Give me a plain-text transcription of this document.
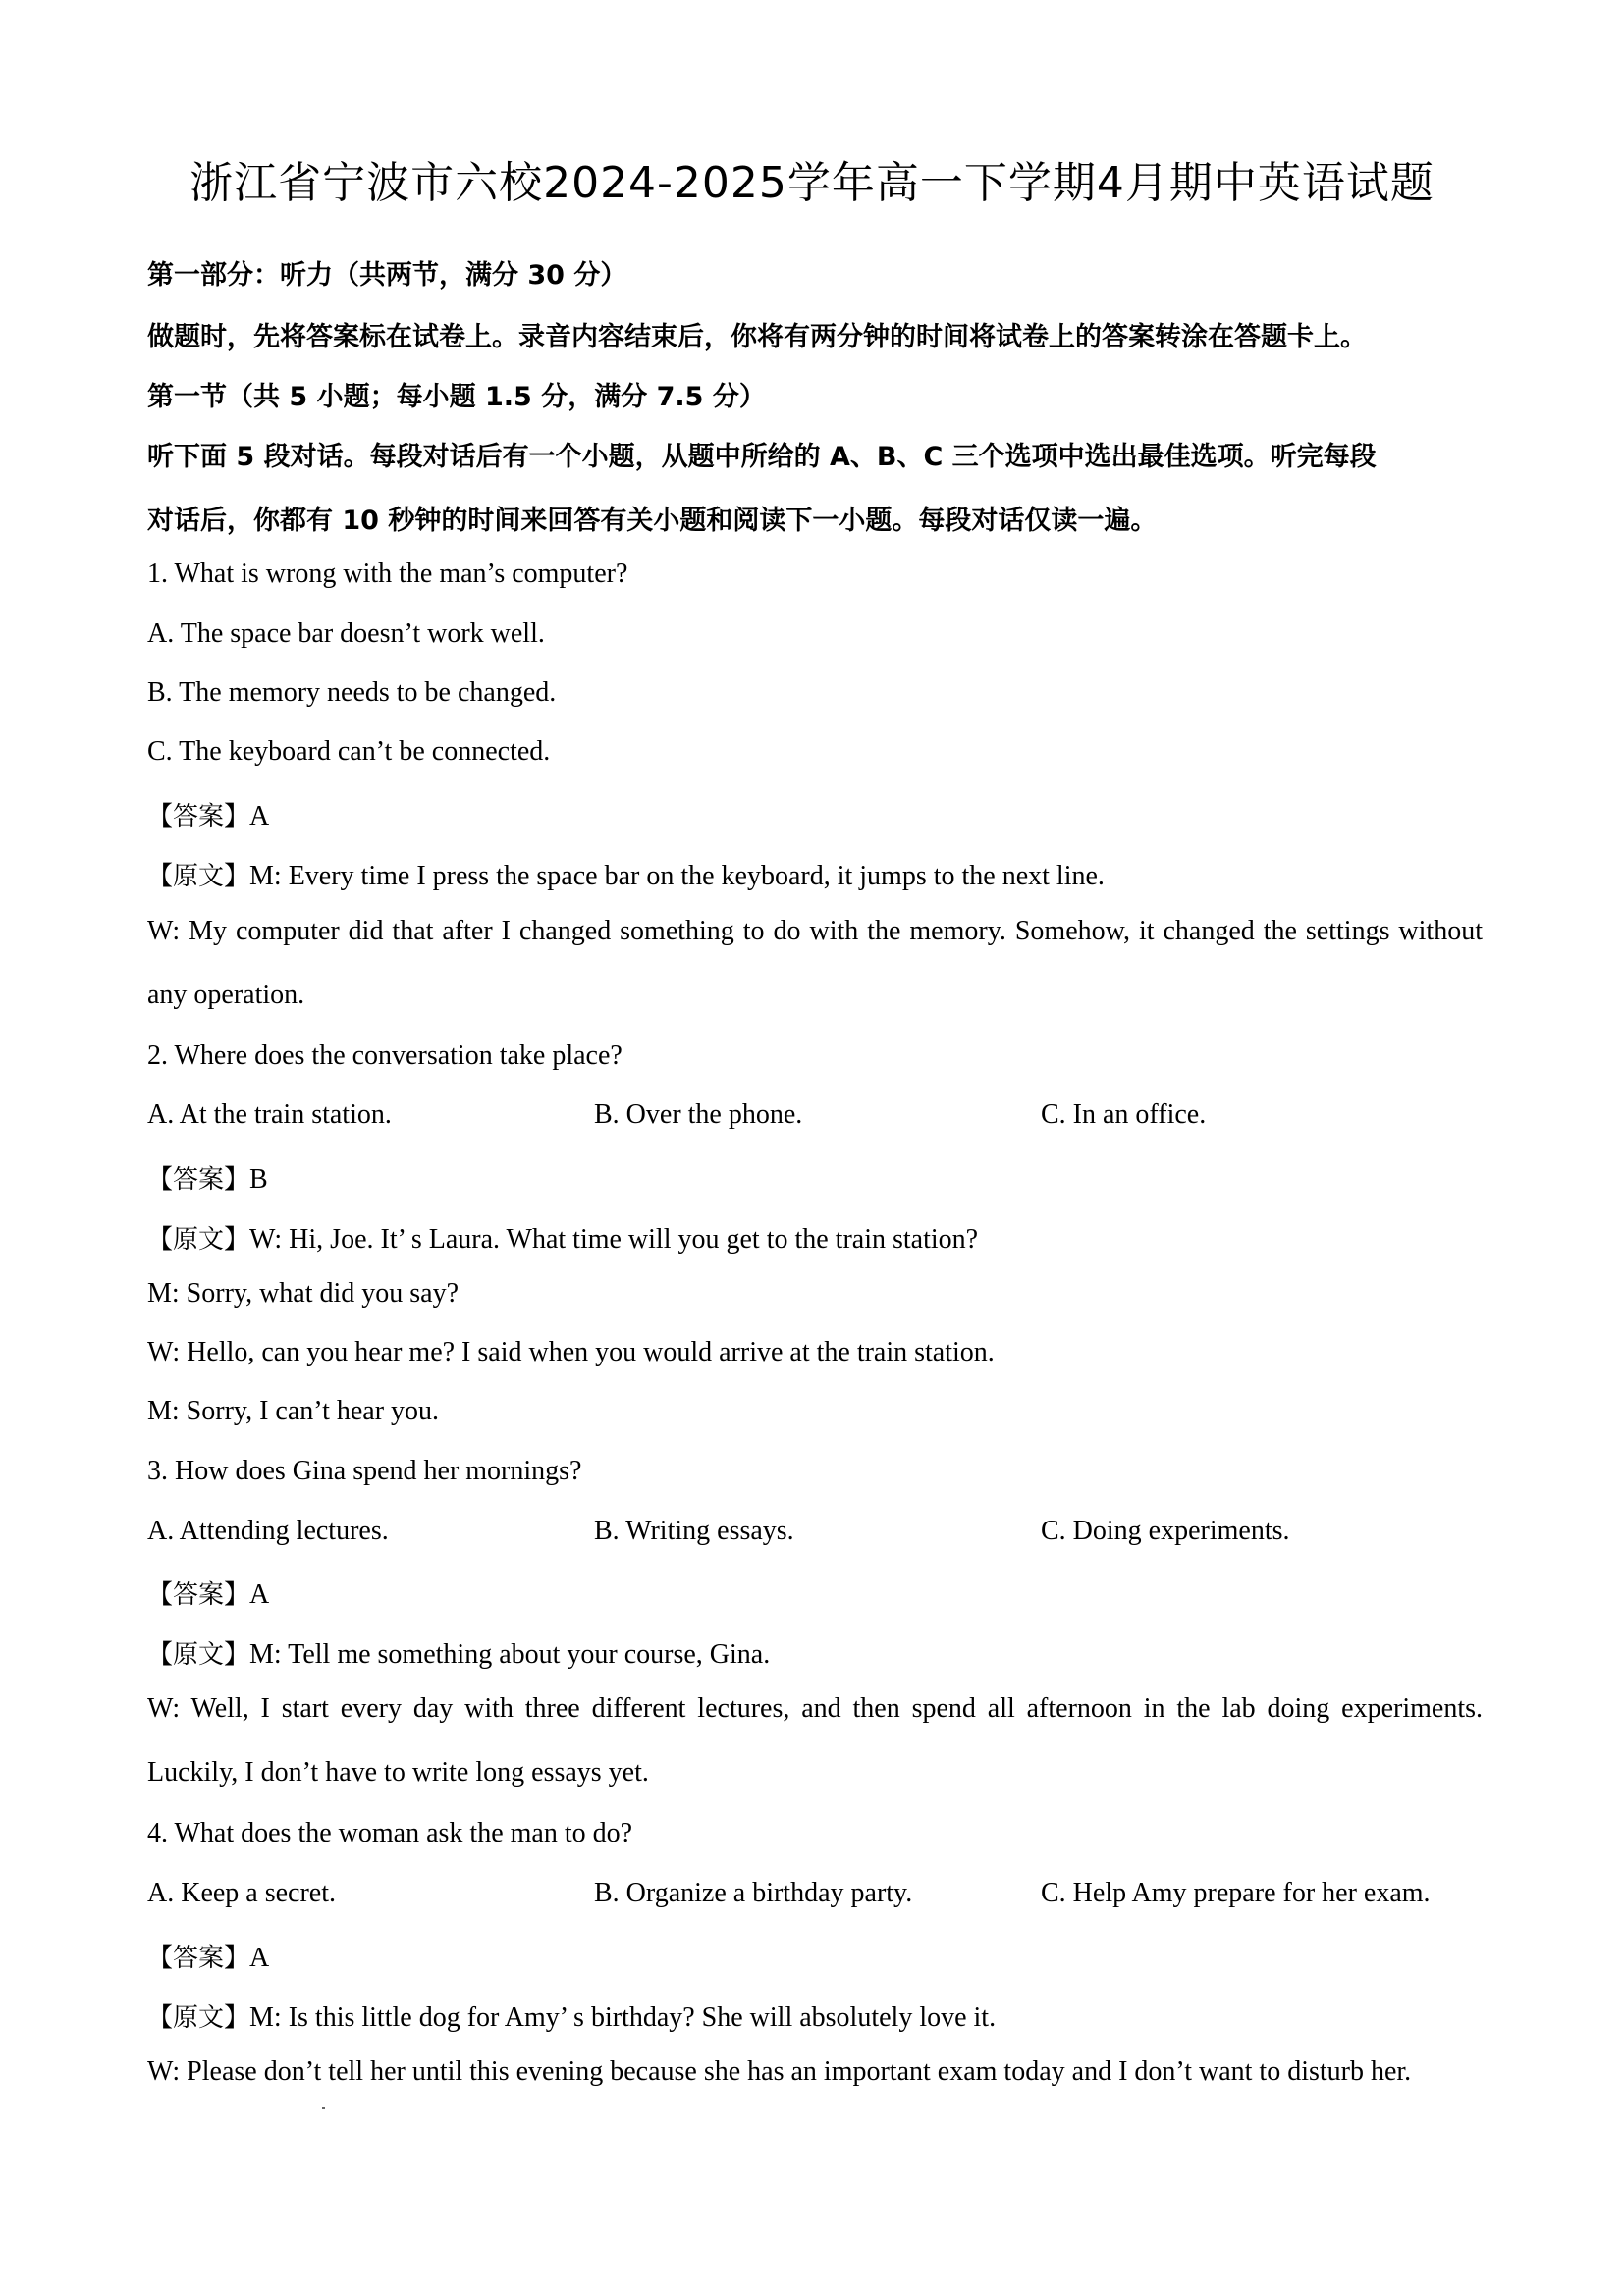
浙江省宁波市六校2024-2025学年高一下学期4月期中英语试题
第一部分：听力（共两节，满分 30 分）
做题时，先将答案标在试卷上。录音内容结束后，你将有两分钟的时间将试卷上的答案转涂在答题卡上。
第一节（共 5 小题；每小题 1.5 分，满分 7.5 分）
听下面 5 段对话。每段对话后有一个小题，从题中所给的 A、B、C 三个选项中选出最佳选项。听完每段
对话后，你都有 10 秒钟的时间来回答有关小题和阅读下一小题。每段对话仅读一遍。
1. What is wrong with the man’s computer?
A. The space bar doesn’t work well.
B. The memory needs to be changed.
C. The keyboard can’t be connected.
【答案】A
【原文】M: Every time I press the space bar on the keyboard, it jumps to the next line.
W: My computer did that after I changed something to do with the memory. Somehow, it changed the settings without
any operation.
2. Where does the conversation take place?
A. At the train station.	B. Over the phone.	C. In an office.
【答案】B
【原文】W: Hi, Joe. It’ s Laura. What time will you get to the train station?
M: Sorry, what did you say?
W: Hello, can you hear me? I said when you would arrive at the train station.
M: Sorry, I can’t hear you.
3. How does Gina spend her mornings?
A. Attending lectures.	B. Writing essays.	C. Doing experiments.
【答案】A
【原文】M: Tell me something about your course, Gina.
W: Well, I start every day with three different lectures, and then spend all afternoon in the lab doing experiments.
Luckily, I don’t have to write long essays yet.
4. What does the woman ask the man to do?
A. Keep a secret.	B. Organize a birthday party.	C. Help Amy prepare for her exam.
【答案】A
【原文】M: Is this little dog for Amy’ s birthday? She will absolutely love it.
W: Please don’t tell her until this evening because she has an important exam today and I don’t want to disturb her.
